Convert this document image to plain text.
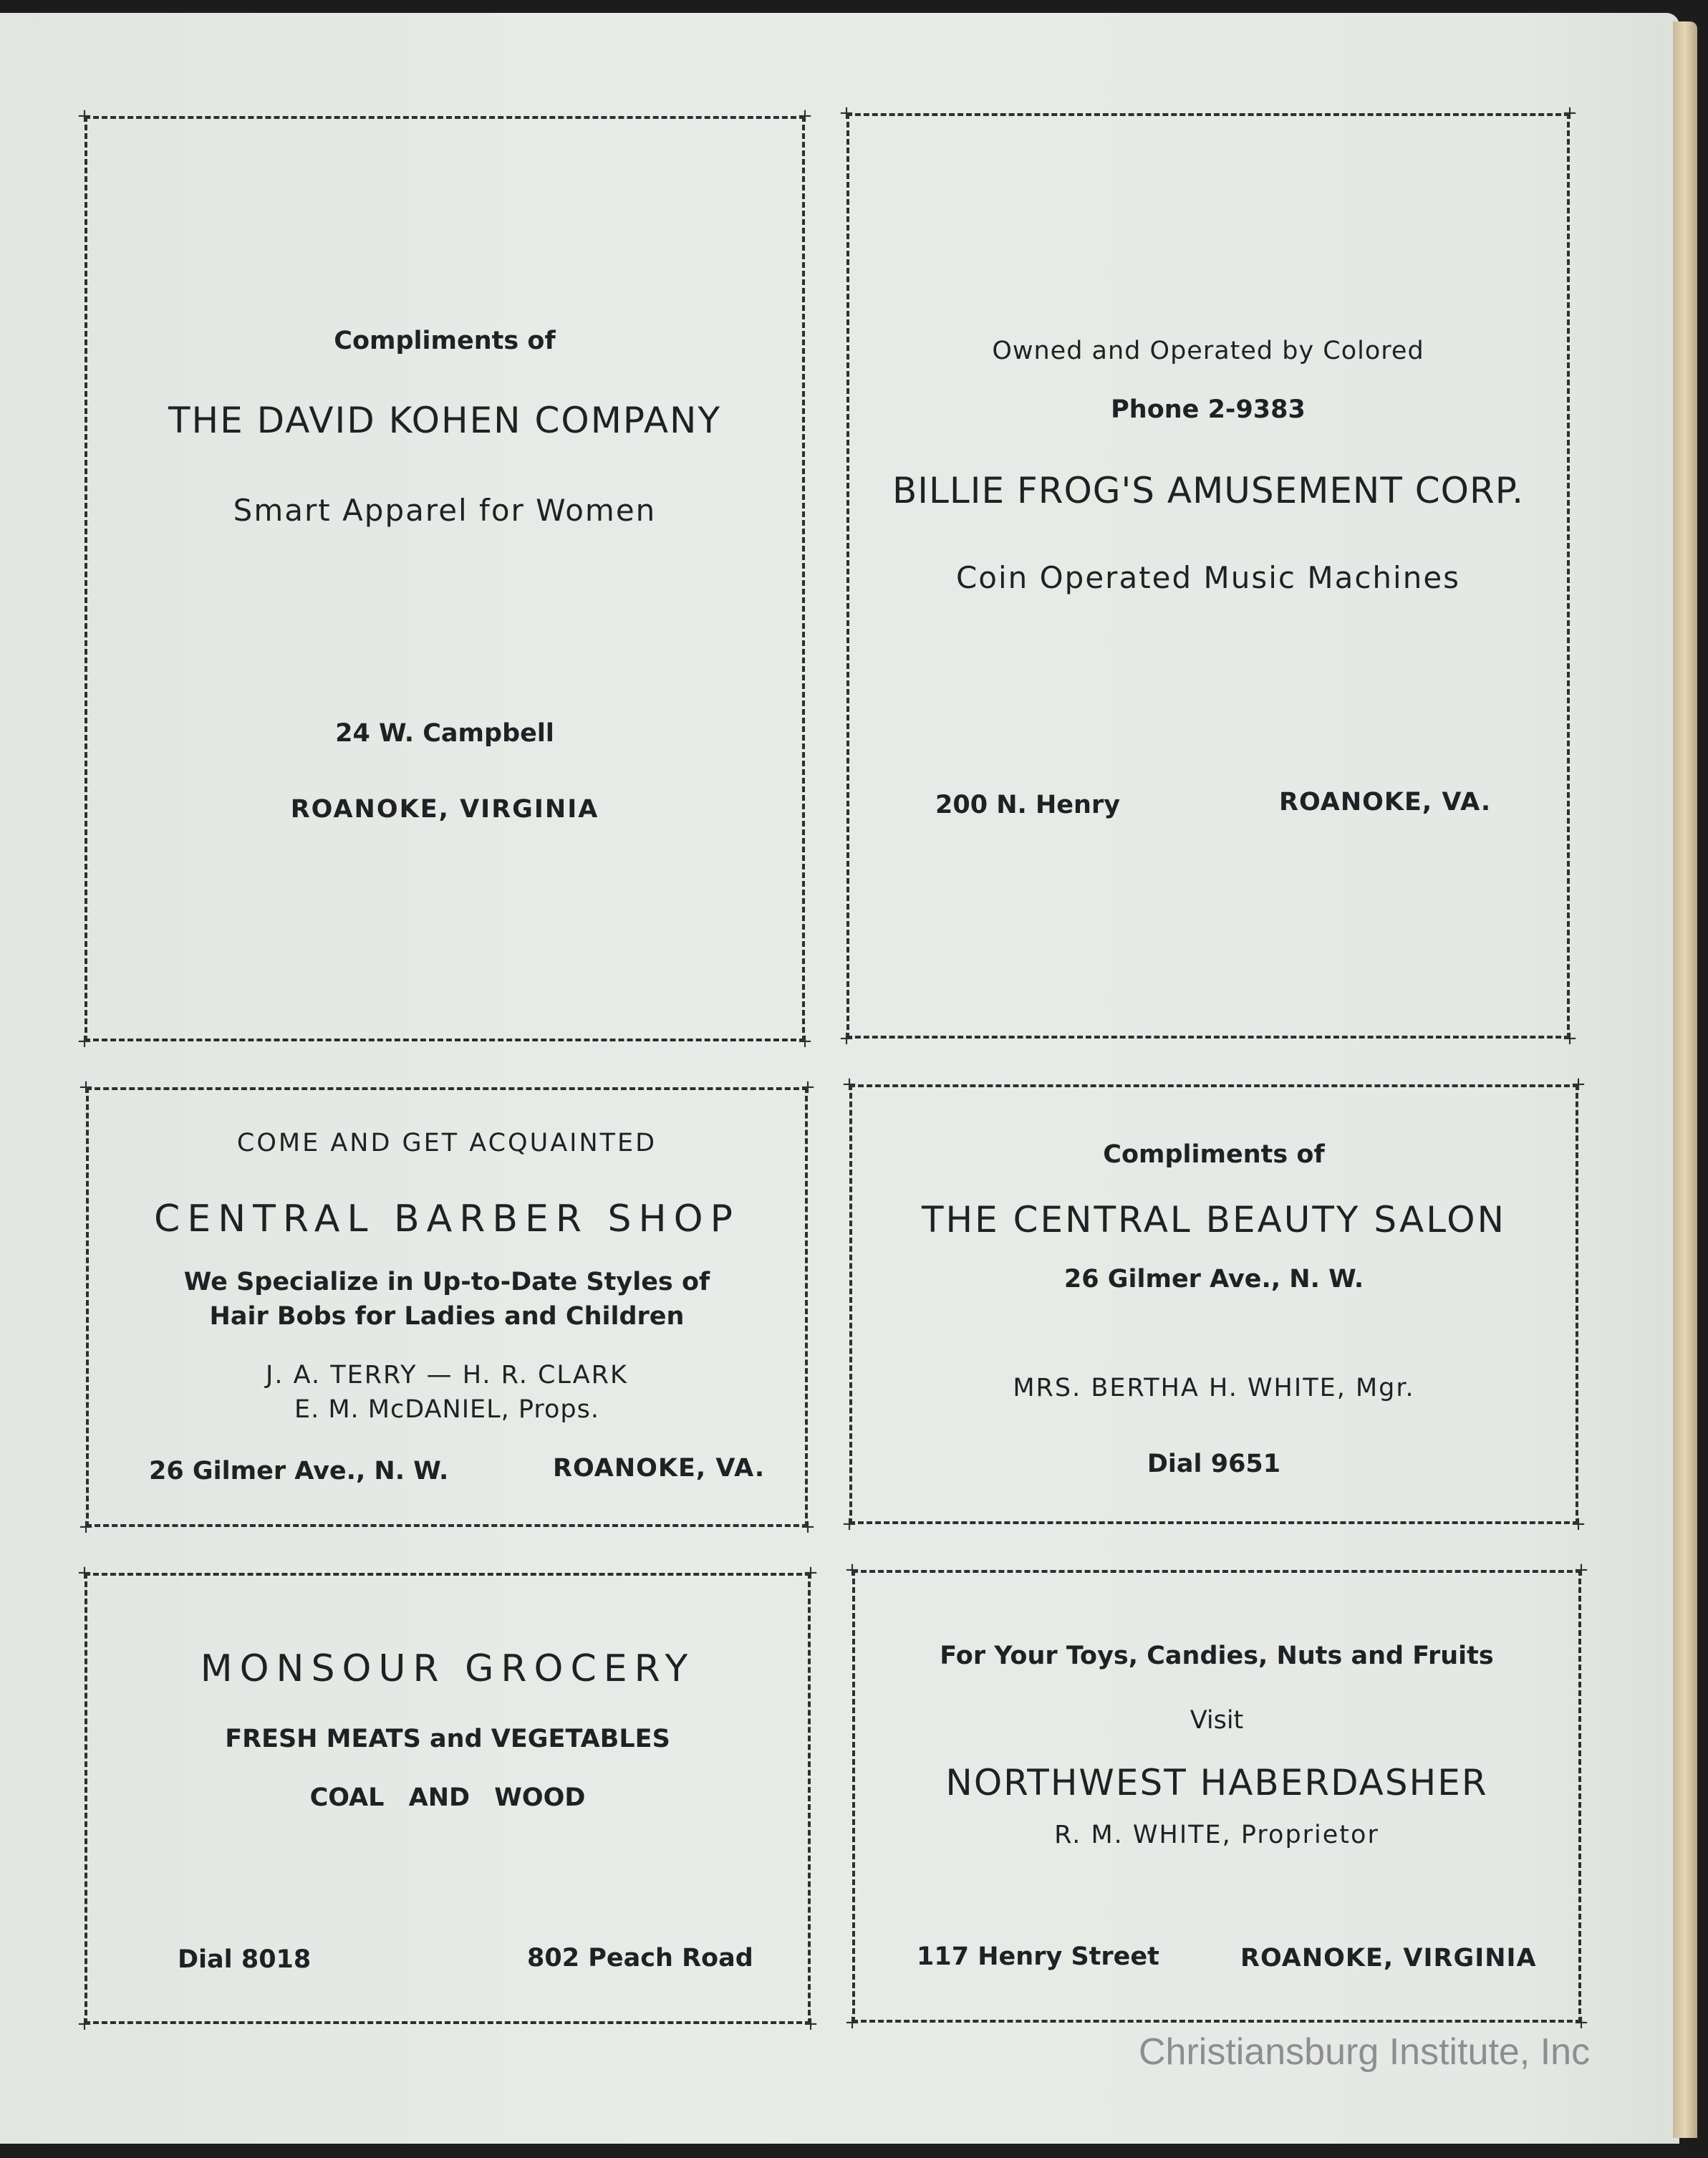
+	+
+	+
Compliments of
THE DAVID KOHEN COMPANY
Smart Apparel for Women
24 W. Campbell
ROANOKE, VIRGINIA
+	+
+	+
Owned and Operated by Colored
Phone 2-9383
BILLIE FROG'S AMUSEMENT CORP.
Coin Operated Music Machines
200 N. Henry	ROANOKE, VA.
+	+
+	+
COME AND GET ACQUAINTED
CENTRAL BARBER SHOP
We Specialize in Up-to-Date Styles of
Hair Bobs for Ladies and Children
J. A. TERRY — H. R. CLARK
E. M. McDANIEL, Props.
26 Gilmer Ave., N. W.	ROANOKE, VA.
+	+
+	+
Compliments of
THE CENTRAL BEAUTY SALON
26 Gilmer Ave., N. W.
MRS. BERTHA H. WHITE, Mgr.
Dial 9651
+	+
+	+
MONSOUR GROCERY
FRESH MEATS and VEGETABLES
COAL AND WOOD
Dial 8018	802 Peach Road
+	+
+	+
For Your Toys, Candies, Nuts and Fruits
Visit
NORTHWEST HABERDASHER
R. M. WHITE, Proprietor
117 Henry Street	ROANOKE, VIRGINIA
Christiansburg Institute, Inc
